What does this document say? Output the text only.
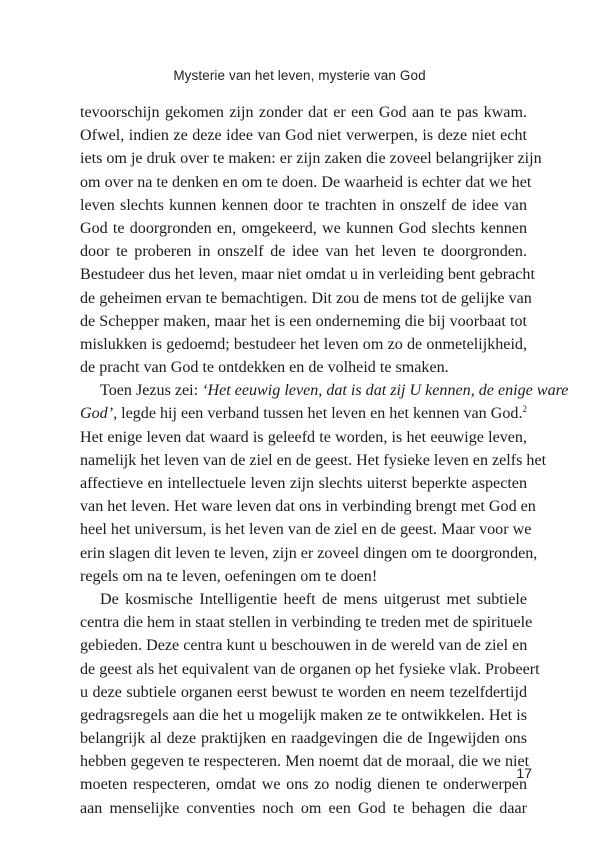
Mysterie van het leven, mysterie van God
tevoorschijn gekomen zijn zonder dat er een God aan te pas kwam.
Ofwel, indien ze deze idee van God niet verwerpen, is deze niet echt
iets om je druk over te maken: er zijn zaken die zoveel belangrijker zijn
om over na te denken en om te doen. De waarheid is echter dat we het
leven slechts kunnen kennen door te trachten in onszelf de idee van
God te doorgronden en, omgekeerd, we kunnen God slechts kennen
door te proberen in onszelf de idee van het leven te doorgronden.
Bestudeer dus het leven, maar niet omdat u in verleiding bent gebracht
de geheimen ervan te bemachtigen. Dit zou de mens tot de gelijke van
de Schepper maken, maar het is een onderneming die bij voorbaat tot
mislukken is gedoemd; bestudeer het leven om zo de onmetelijkheid,
de pracht van God te ontdekken en de volheid te smaken.
Toen Jezus zei: ‘Het eeuwig leven, dat is dat zij U kennen, de enige ware
God’, legde hij een verband tussen het leven en het kennen van God.$^2$
Het enige leven dat waard is geleefd te worden, is het eeuwige leven,
namelijk het leven van de ziel en de geest. Het fysieke leven en zelfs het
affectieve en intellectuele leven zijn slechts uiterst beperkte aspecten
van het leven. Het ware leven dat ons in verbinding brengt met God en
heel het universum, is het leven van de ziel en de geest. Maar voor we
erin slagen dit leven te leven, zijn er zoveel dingen om te doorgronden,
regels om na te leven, oefeningen om te doen!
De kosmische Intelligentie heeft de mens uitgerust met subtiele
centra die hem in staat stellen in verbinding te treden met de spirituele
gebieden. Deze centra kunt u beschouwen in de wereld van de ziel en
de geest als het equivalent van de organen op het fysieke vlak. Probeert
u deze subtiele organen eerst bewust te worden en neem tezelfdertijd
gedragsregels aan die het u mogelijk maken ze te ontwikkelen. Het is
belangrijk al deze praktijken en raadgevingen die de Ingewijden ons
hebben gegeven te respecteren. Men noemt dat de moraal, die we niet
moeten respecteren, omdat we ons zo nodig dienen te onderwerpen
aan menselijke conventies noch om een God te behagen die daar
17
